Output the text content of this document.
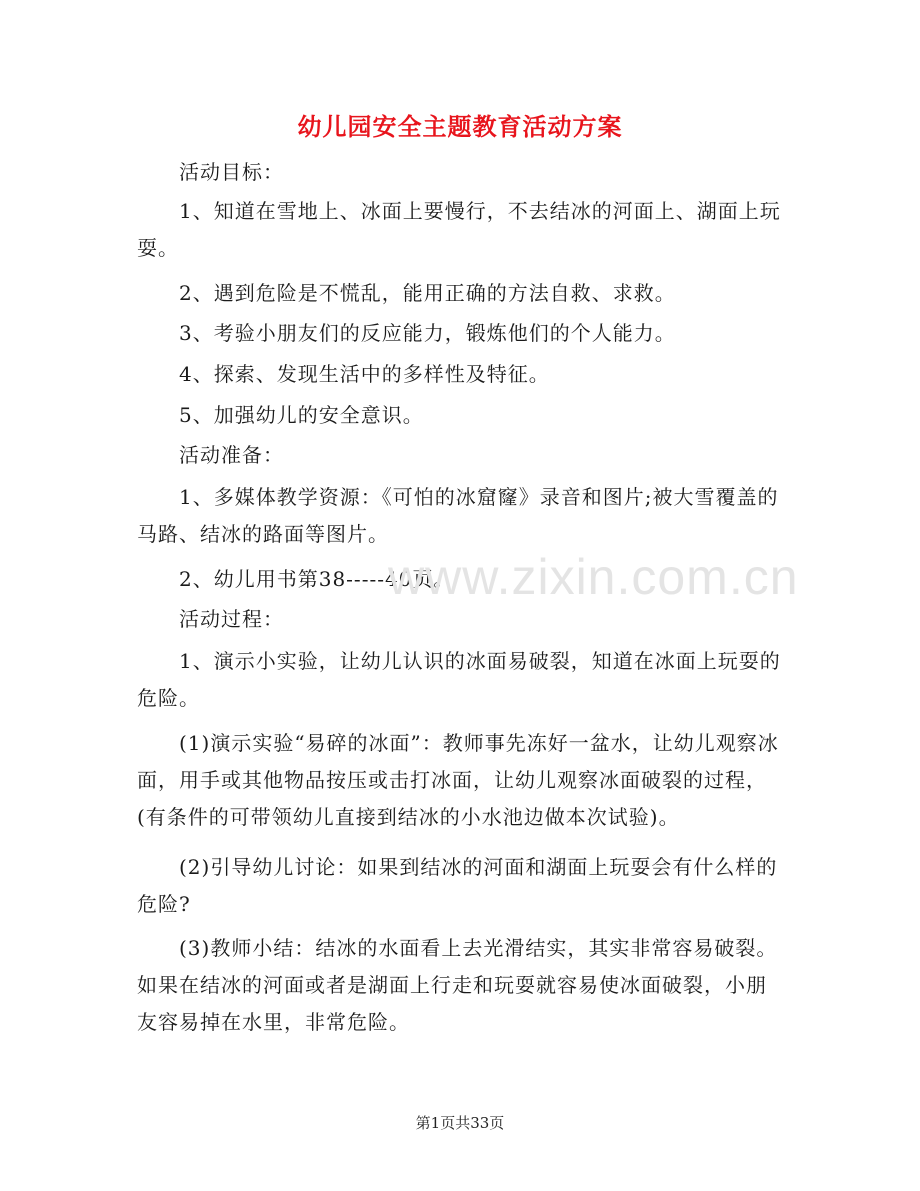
幼儿园安全主题教育活动方案

活动目标：

1、知道在雪地上、冰面上要慢行，不去结冰的河面上、湖面上玩耍。

2、遇到危险是不慌乱，能用正确的方法自救、求救。

3、考验小朋友们的反应能力，锻炼他们的个人能力。

4、探索、发现生活中的多样性及特征。

5、加强幼儿的安全意识。

活动准备：

1、多媒体教学资源：《可怕的冰窟窿》录音和图片;被大雪覆盖的马路、结冰的路面等图片。

2、幼儿用书第38-----40页。

活动过程：

1、演示小实验，让幼儿认识的冰面易破裂，知道在冰面上玩耍的危险。

(1)演示实验“易碎的冰面”：教师事先冻好一盆水，让幼儿观察冰面，用手或其他物品按压或击打冰面，让幼儿观察冰面破裂的过程，(有条件的可带领幼儿直接到结冰的小水池边做本次试验)。

(2)引导幼儿讨论：如果到结冰的河面和湖面上玩耍会有什么样的危险?

(3)教师小结：结冰的水面看上去光滑结实，其实非常容易破裂。如果在结冰的河面或者是湖面上行走和玩耍就容易使冰面破裂，小朋友容易掉在水里，非常危险。

www.zixin.com.cn
第1页共33页
